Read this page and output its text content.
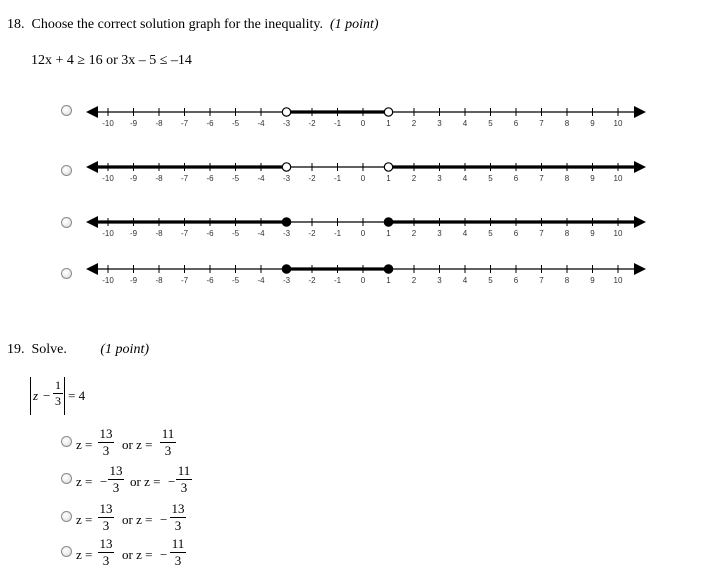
18. Choose the correct solution graph for the inequality. (1 point)
12x + 4 ≥ 16 or 3x – 5 ≤ –14
-10 -9 -8 -7 -6 -5 -4 -3 -2 -1 0	1	2	3	4	5	6	7	8	9 10
-10 -9 -8 -7 -6 -5 -4 -3 -2 -1 0	1	2	3	4	5	6	7	8	9 10
-10 -9 -8 -7 -6 -5 -4 -3 -2 -1 0	1	2	3	4	5	6	7	8	9 10
-10 -9 -8 -7 -6 -5 -4 -3 -2 -1 0	1	2	3	4	5	6	7	8	9 10
19. Solve. (1 point)
$z - \frac{1}{3} = 4$
$z = \frac{13}{3}$ or $z = \frac{11}{3}$
z = − $\frac{13}{3}$ or z = − $\frac{11}{3}$
$z = \frac{13}{3}$ or z = − $\frac{13}{3}$
$z = \frac{13}{3}$ or z = − $\frac{11}{3}$
